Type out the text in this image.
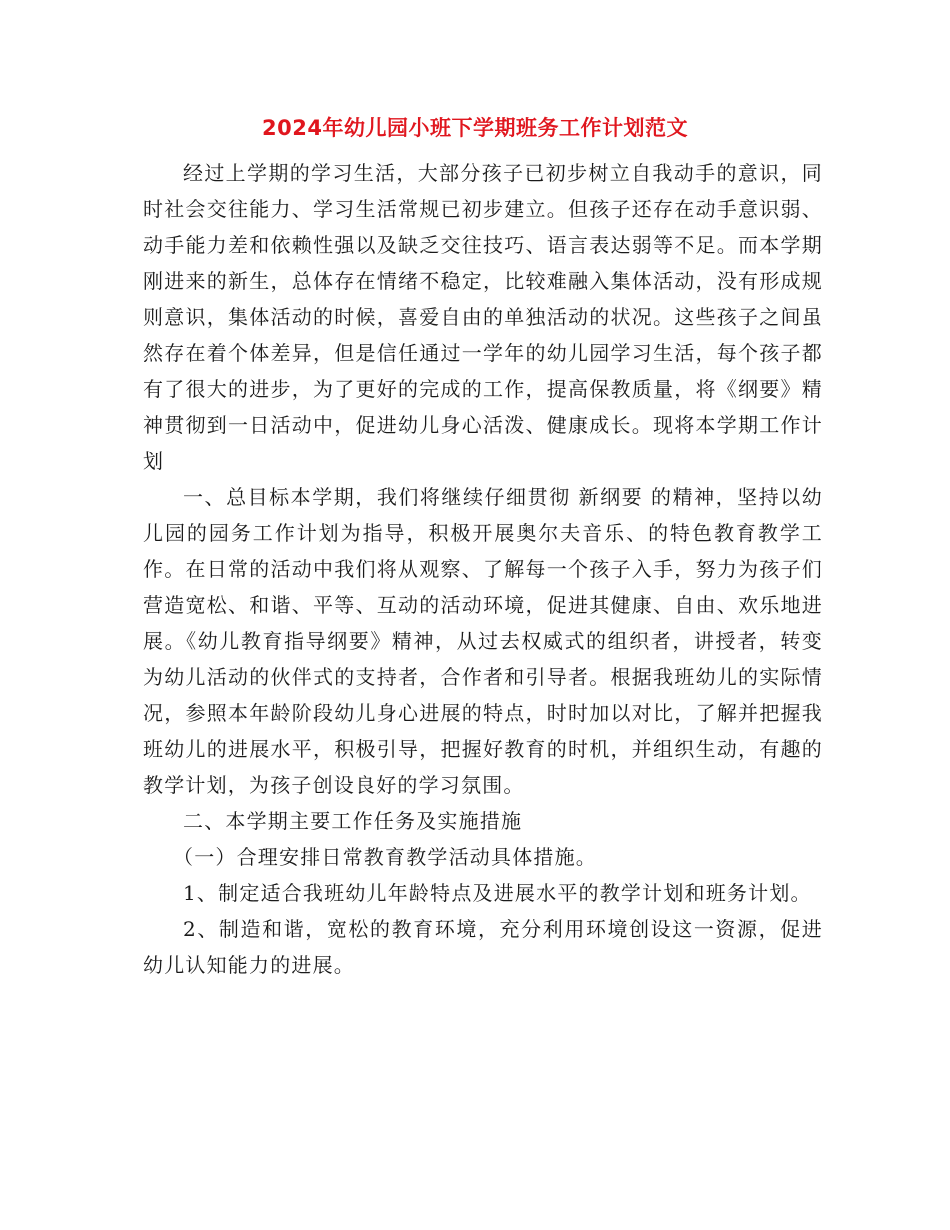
2024年幼儿园小班下学期班务工作计划范文

经过上学期的学习生活，大部分孩子已初步树立自我动手的意识，同时社会交往能力、学习生活常规已初步建立。但孩子还存在动手意识弱、动手能力差和依赖性强以及缺乏交往技巧、语言表达弱等不足。而本学期刚进来的新生，总体存在情绪不稳定，比较难融入集体活动，没有形成规则意识，集体活动的时候，喜爱自由的单独活动的状况。这些孩子之间虽然存在着个体差异，但是信任通过一学年的幼儿园学习生活，每个孩子都有了很大的进步，为了更好的完成的工作，提高保教质量，将《纲要》精神贯彻到一日活动中，促进幼儿身心活泼、健康成长。现将本学期工作计划

一、总目标本学期，我们将继续仔细贯彻 新纲要 的精神，坚持以幼儿园的园务工作计划为指导，积极开展奥尔夫音乐、的特色教育教学工作。在日常的活动中我们将从观察、了解每一个孩子入手，努力为孩子们营造宽松、和谐、平等、互动的活动环境，促进其健康、自由、欢乐地进展。《幼儿教育指导纲要》精神，从过去权威式的组织者，讲授者，转变为幼儿活动的伙伴式的支持者，合作者和引导者。根据我班幼儿的实际情况，参照本年龄阶段幼儿身心进展的特点，时时加以对比，了解并把握我班幼儿的进展水平，积极引导，把握好教育的时机，并组织生动，有趣的教学计划，为孩子创设良好的学习氛围。

二、本学期主要工作任务及实施措施

（一）合理安排日常教育教学活动具体措施。

1、制定适合我班幼儿年龄特点及进展水平的教学计划和班务计划。

2、制造和谐，宽松的教育环境，充分利用环境创设这一资源，促进幼儿认知能力的进展。
